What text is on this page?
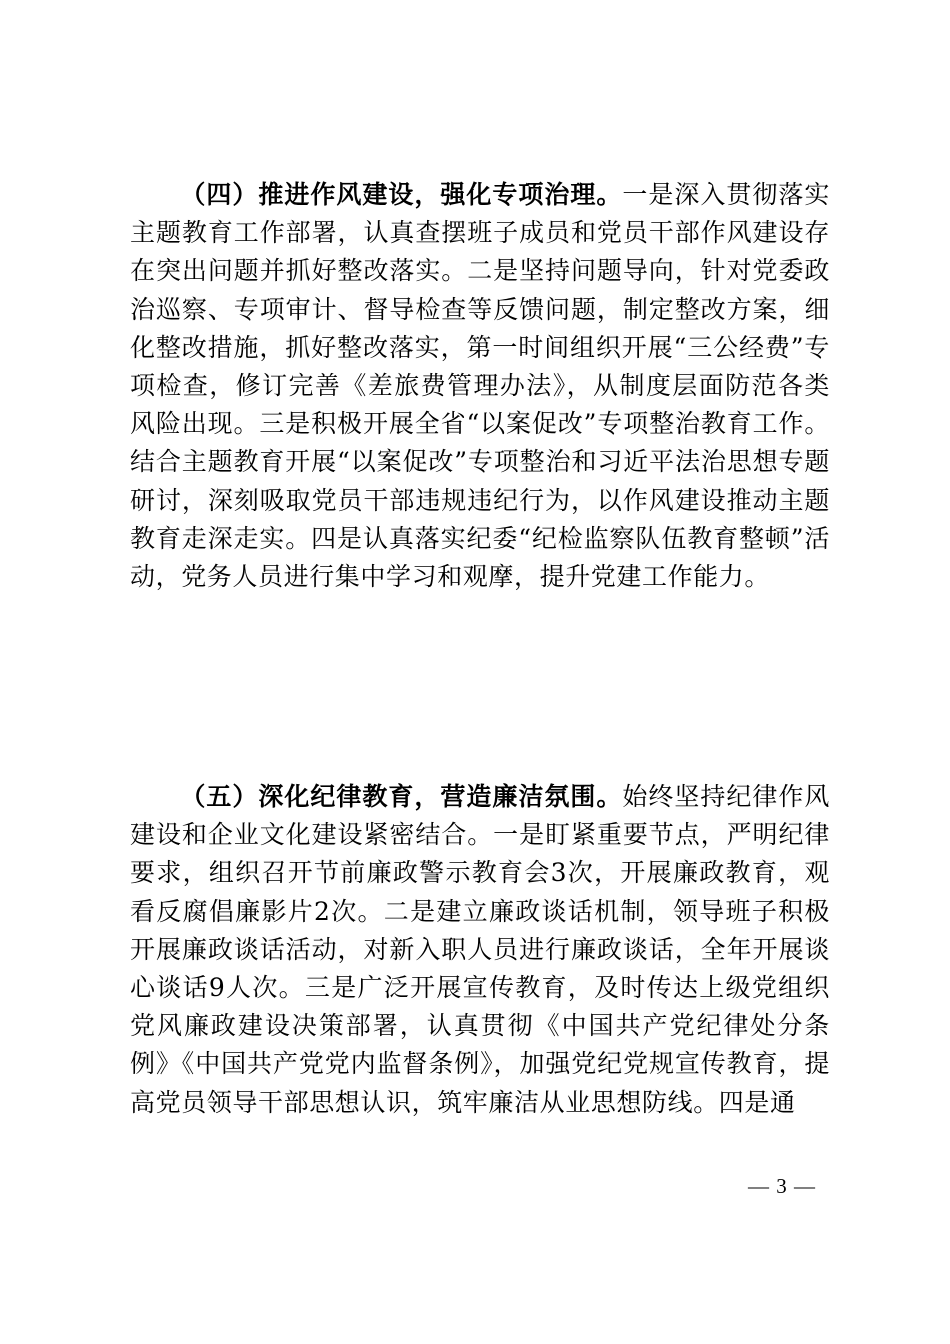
（四）推进作风建设，强化专项治理。一是深入贯彻落实主题教育工作部署，认真查摆班子成员和党员干部作风建设存在突出问题并抓好整改落实。二是坚持问题导向，针对党委政治巡察、专项审计、督导检查等反馈问题，制定整改方案，细化整改措施，抓好整改落实，第一时间组织开展“三公经费”专项检查，修订完善《差旅费管理办法》，从制度层面防范各类风险出现。三是积极开展全省“以案促改”专项整治教育工作。结合主题教育开展“以案促改”专项整治和习近平法治思想专题研讨，深刻吸取党员干部违规违纪行为，以作风建设推动主题教育走深走实。四是认真落实纪委“纪检监察队伍教育整顿”活动，党务人员进行集中学习和观摩，提升党建工作能力。

（五）深化纪律教育，营造廉洁氛围。始终坚持纪律作风建设和企业文化建设紧密结合。一是盯紧重要节点，严明纪律要求，组织召开节前廉政警示教育会3次，开展廉政教育，观看反腐倡廉影片2次。二是建立廉政谈话机制，领导班子积极开展廉政谈话活动，对新入职人员进行廉政谈话，全年开展谈心谈话9人次。三是广泛开展宣传教育，及时传达上级党组织党风廉政建设决策部署，认真贯彻《中国共产党纪律处分条例》《中国共产党党内监督条例》，加强党纪党规宣传教育，提高党员领导干部思想认识，筑牢廉洁从业思想防线。四是通

— 3 —
